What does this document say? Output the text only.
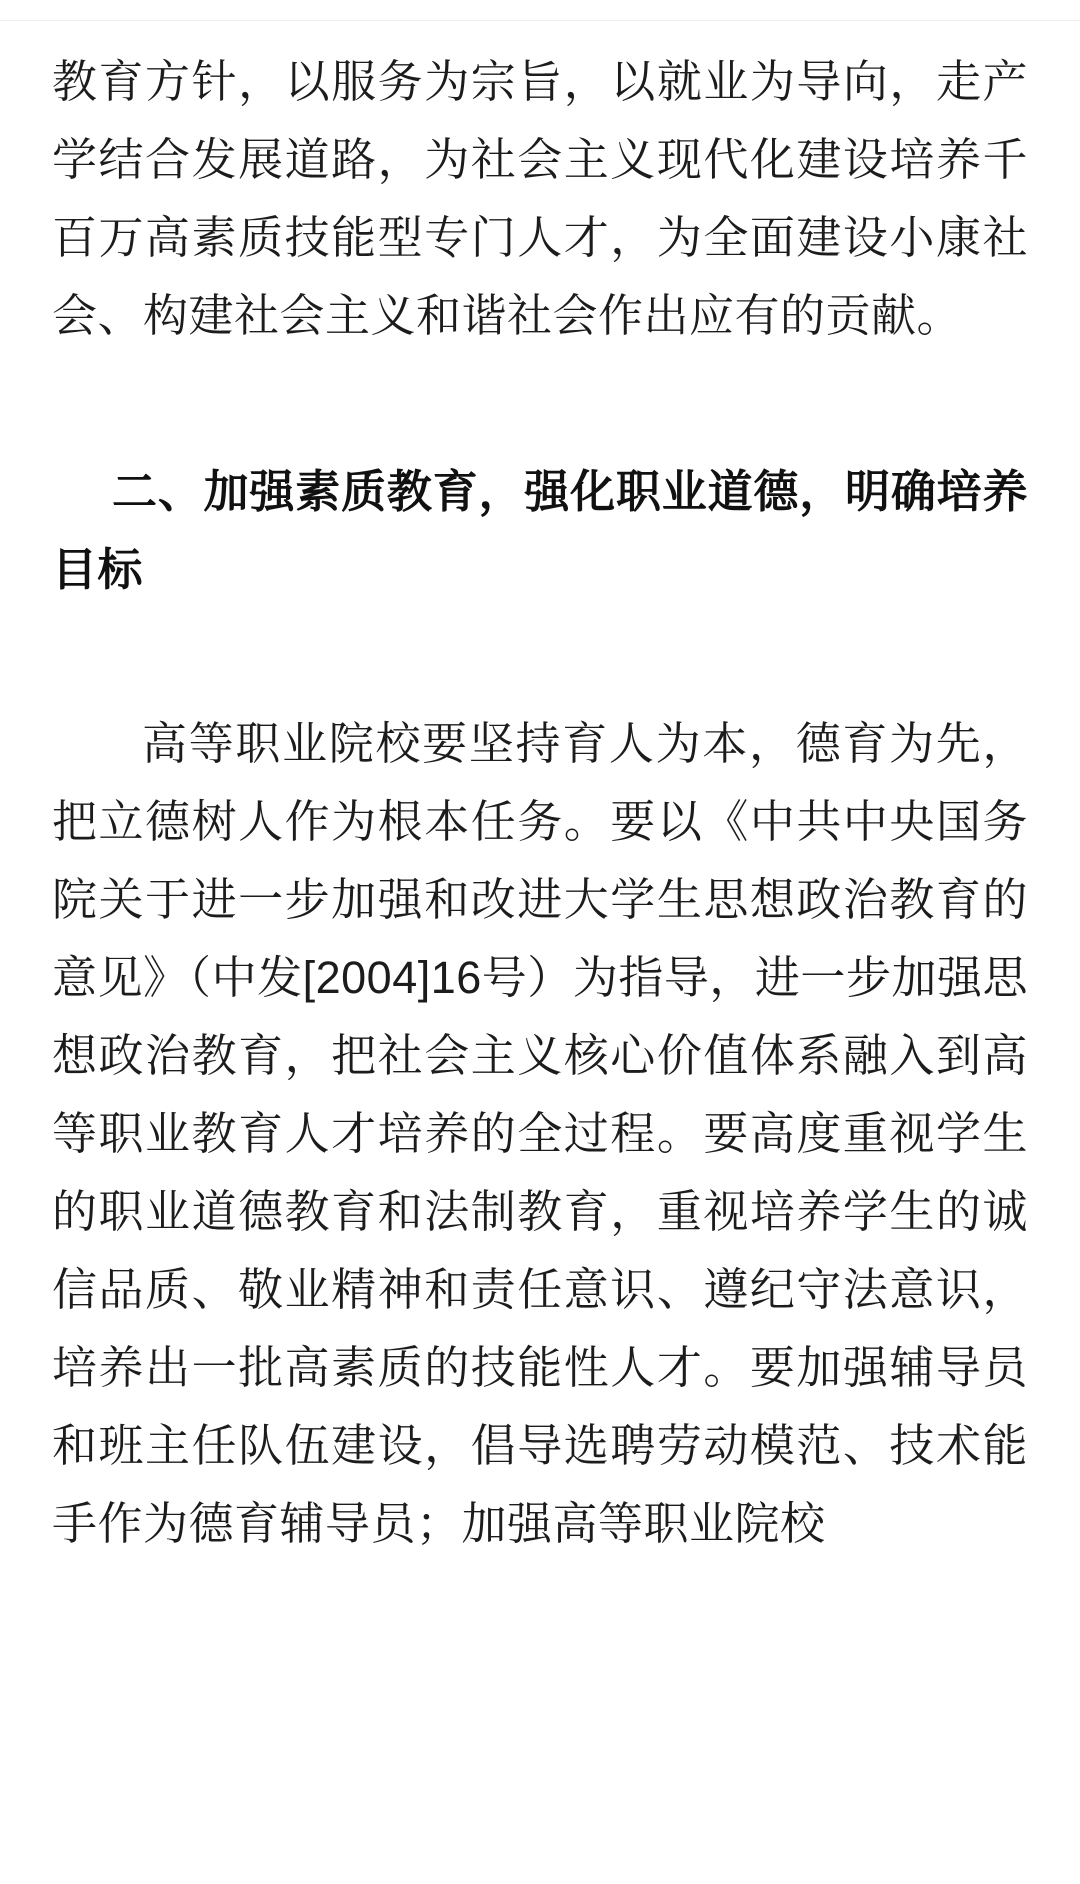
教育方针，以服务为宗旨，以就业为导向，走产学结合发展道路，为社会主义现代化建设培养千百万高素质技能型专门人才，为全面建设小康社会、构建社会主义和谐社会作出应有的贡献。

二、加强素质教育，强化职业道德，明确培养目标

高等职业院校要坚持育人为本，德育为先，把立德树人作为根本任务。要以《中共中央国务院关于进一步加强和改进大学生思想政治教育的意见》（中发[2004]16号）为指导，进一步加强思想政治教育，把社会主义核心价值体系融入到高等职业教育人才培养的全过程。要高度重视学生的职业道德教育和法制教育，重视培养学生的诚信品质、敬业精神和责任意识、遵纪守法意识，培养出一批高素质的技能性人才。要加强辅导员和班主任队伍建设，倡导选聘劳动模范、技术能手作为德育辅导员；加强高等职业院校
